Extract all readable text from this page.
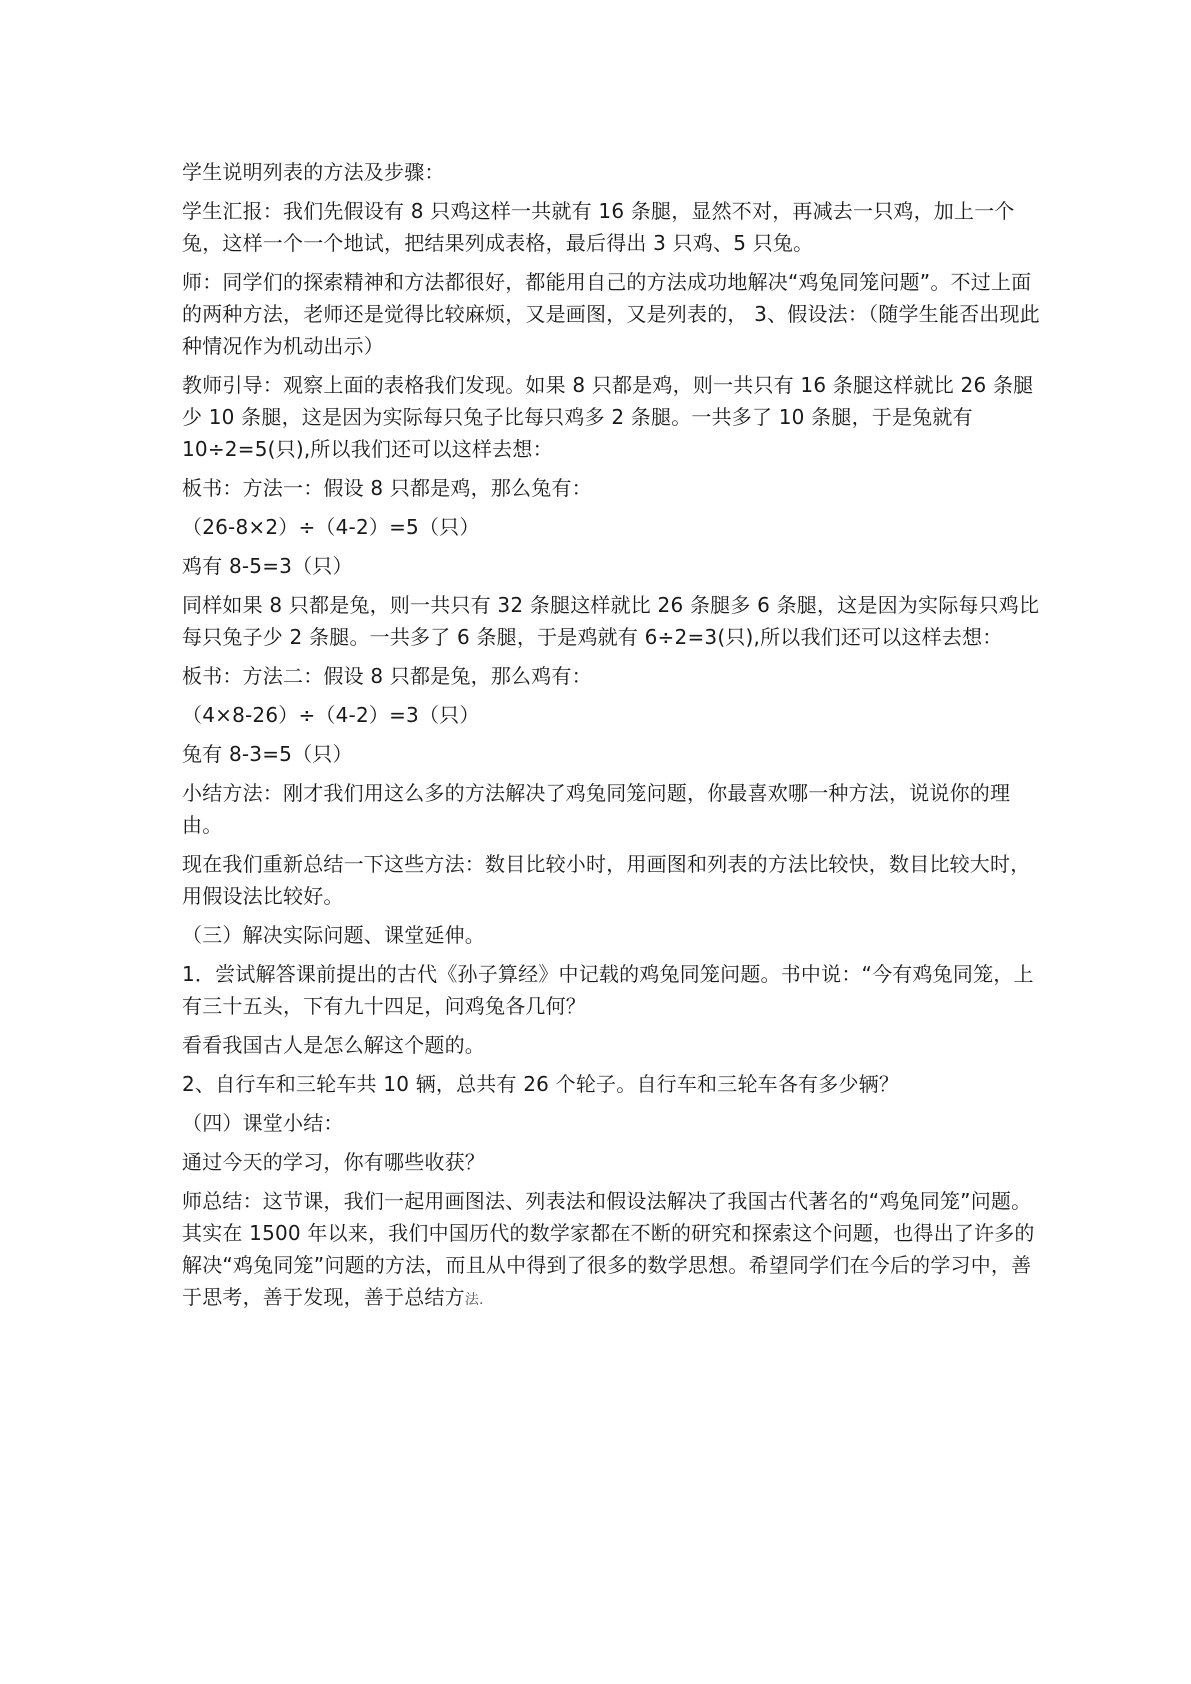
学生说明列表的方法及步骤：

学生汇报：我们先假设有 8 只鸡这样一共就有 16 条腿，显然不对，再减去一只鸡，加上一个兔，这样一个一个地试，把结果列成表格，最后得出 3 只鸡、5 只兔。

师：同学们的探索精神和方法都很好，都能用自己的方法成功地解决“鸡兔同笼问题”。不过上面的两种方法，老师还是觉得比较麻烦，又是画图，又是列表的， 3、假设法：（随学生能否出现此种情况作为机动出示）

教师引导：观察上面的表格我们发现。如果 8 只都是鸡，则一共只有 16 条腿这样就比 26 条腿少 10 条腿，这是因为实际每只兔子比每只鸡多 2 条腿。一共多了 10 条腿，于是兔就有 10÷2=5(只),所以我们还可以这样去想：

板书：方法一：假设 8 只都是鸡，那么兔有：

（26-8×2）÷（4-2）=5（只）

鸡有 8-5=3（只）

同样如果 8 只都是兔，则一共只有 32 条腿这样就比 26 条腿多 6 条腿，这是因为实际每只鸡比每只兔子少 2 条腿。一共多了 6 条腿，于是鸡就有 6÷2=3(只),所以我们还可以这样去想：

板书：方法二：假设 8 只都是兔，那么鸡有：

（4×8-26）÷（4-2）=3（只）

兔有 8-3=5（只）

小结方法：刚才我们用这么多的方法解决了鸡兔同笼问题，你最喜欢哪一种方法，说说你的理由。

现在我们重新总结一下这些方法：数目比较小时，用画图和列表的方法比较快，数目比较大时，用假设法比较好。

（三）解决实际问题、课堂延伸。

1．尝试解答课前提出的古代《孙子算经》中记载的鸡兔同笼问题。书中说：“今有鸡兔同笼，上有三十五头，下有九十四足，问鸡兔各几何？

看看我国古人是怎么解这个题的。

2、自行车和三轮车共 10 辆，总共有 26 个轮子。自行车和三轮车各有多少辆？

（四）课堂小结：

通过今天的学习，你有哪些收获？

师总结：这节课，我们一起用画图法、列表法和假设法解决了我国古代著名的“鸡兔同笼”问题。其实在 1500 年以来，我们中国历代的数学家都在不断的研究和探索这个问题，也得出了许多的解决“鸡兔同笼”问题的方法，而且从中得到了很多的数学思想。希望同学们在今后的学习中，善于思考，善于发现，善于总结方法.
